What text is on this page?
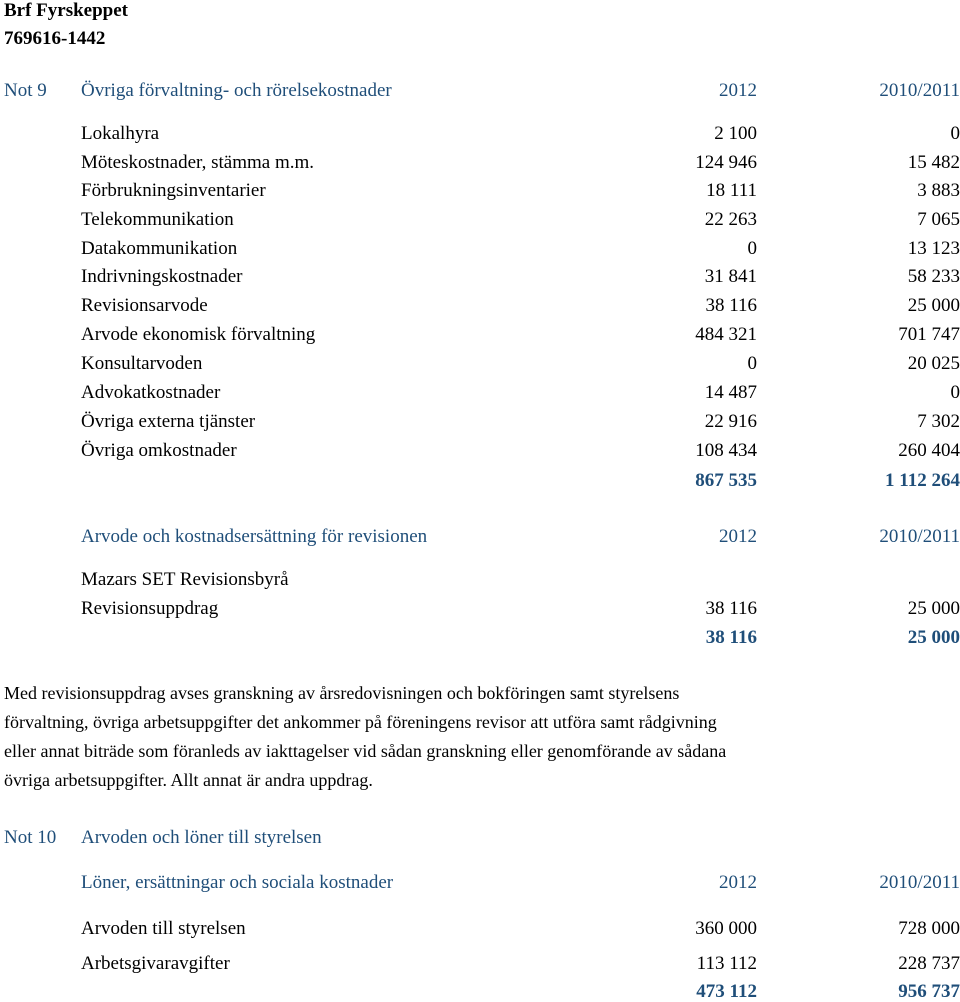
Brf Fyrskeppet
769616-1442
Not 9 Övriga förvaltning- och rörelsekostnader	2012	2010/2011
Lokalhyra	2 100	0
Möteskostnader, stämma m.m.	124 946	15 482
Förbrukningsinventarier	18 111	3 883
Telekommunikation	22 263	7 065
Datakommunikation	0	13 123
Indrivningskostnader	31 841	58 233
Revisionsarvode	38 116	25 000
Arvode ekonomisk förvaltning	484 321	701 747
Konsultarvoden	0	20 025
Advokatkostnader	14 487	0
Övriga externa tjänster	22 916	7 302
Övriga omkostnader	108 434	260 404
867 535	1 112 264
Arvode och kostnadsersättning för revisionen	2012	2010/2011
Mazars SET Revisionsbyrå
Revisionsuppdrag	38 116	25 000
38 116	25 000
Med revisionsuppdrag avses granskning av årsredovisningen och bokföringen samt styrelsens
förvaltning, övriga arbetsuppgifter det ankommer på föreningens revisor att utföra samt rådgivning
eller annat biträde som föranleds av iakttagelser vid sådan granskning eller genomförande av sådana
övriga arbetsuppgifter. Allt annat är andra uppdrag.
Not 10 Arvoden och löner till styrelsen
Löner, ersättningar och sociala kostnader	2012	2010/2011
Arvoden till styrelsen	360 000	728 000
Arbetsgivaravgifter	113 112	228 737
473 112	956 737
